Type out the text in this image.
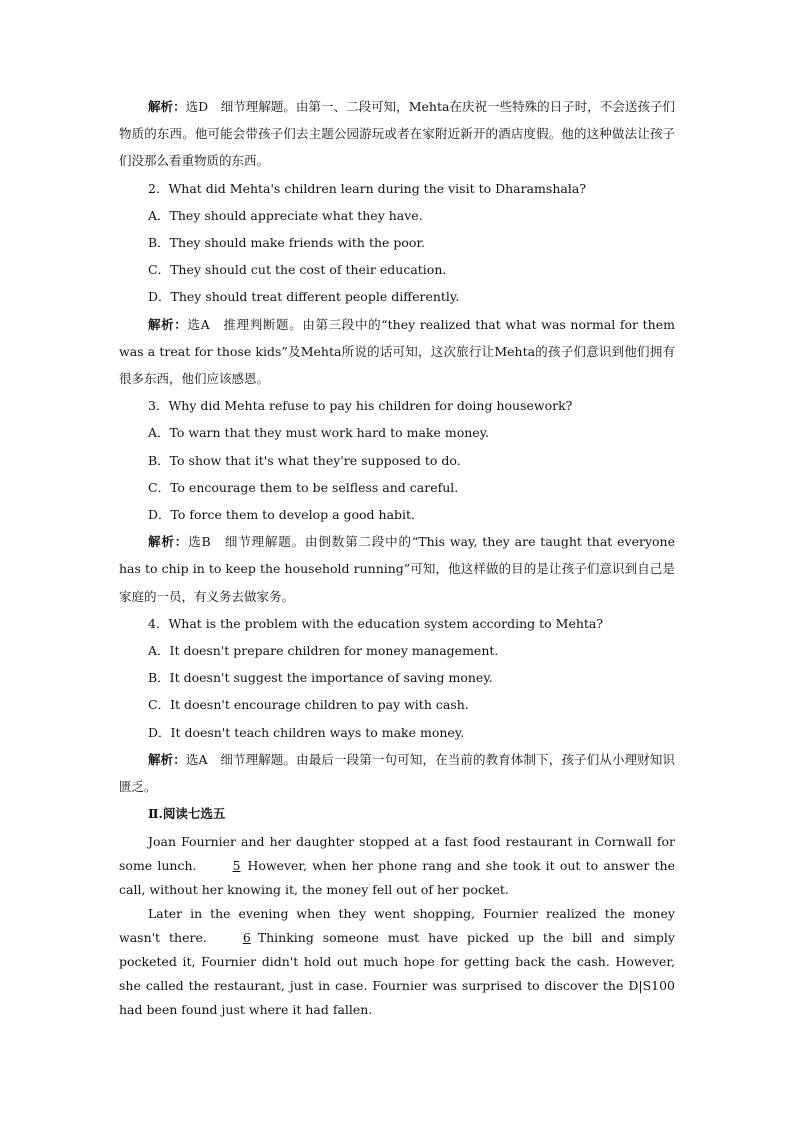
解析：选D　细节理解题。由第一、二段可知，Mehta在庆祝一些特殊的日子时，不会送孩子们物质的东西。他可能会带孩子们去主题公园游玩或者在家附近新开的酒店度假。他的这种做法让孩子们没那么看重物质的东西。

2．What did Mehta's children learn during the visit to Dharamshala?

A．They should appreciate what they have.

B．They should make friends with the poor.

C．They should cut the cost of their education.

D．They should treat different people differently.

解析：选A　推理判断题。由第三段中的“they realized that what was normal for them was a treat for those kids”及Mehta所说的话可知，这次旅行让Mehta的孩子们意识到他们拥有很多东西，他们应该感恩。

3．Why did Mehta refuse to pay his children for doing housework?

A．To warn that they must work hard to make money.

B．To show that it's what they're supposed to do.

C．To encourage them to be selfless and careful.

D．To force them to develop a good habit.

解析：选B　细节理解题。由倒数第二段中的“This way, they are taught that everyone has to chip in to keep the household running”可知，他这样做的目的是让孩子们意识到自己是家庭的一员，有义务去做家务。

4．What is the problem with the education system according to Mehta?

A．It doesn't prepare children for money management.

B．It doesn't suggest the importance of saving money.

C．It doesn't encourage children to pay with cash.

D．It doesn't teach children ways to make money.

解析：选A　细节理解题。由最后一段第一句可知，在当前的教育体制下，孩子们从小理财知识匮乏。

Ⅱ.阅读七选五

Joan Fournier and her daughter stopped at a fast food restaurant in Cornwall for some lunch.	5 However, when her phone rang and she took it out to answer the call, without her knowing it, the money fell out of her pocket.

Later in the evening when they went shopping, Fournier realized the money wasn't there.	6 Thinking someone must have picked up the bill and simply pocketed it, Fournier didn't hold out much hope for getting back the cash. However, she called the restaurant, just in case. Fournier was surprised to discover the D|S100 had been found just where it had fallen.
